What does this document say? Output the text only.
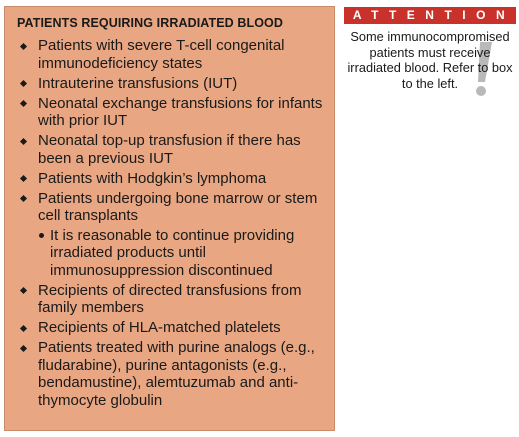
PATIENTS REQUIRING IRRADIATED BLOOD
Patients with severe T-cell congenital immunodeficiency states
Intrauterine transfusions (IUT)
Neonatal exchange transfusions for infants with prior IUT
Neonatal top-up transfusion if there has been a previous IUT
Patients with Hodgkin’s lymphoma
Patients undergoing bone marrow or stem cell transplants
It is reasonable to continue providing irradiated products until immunosuppression discontinued
Recipients of directed transfusions from family members
Recipients of HLA-matched platelets
Patients treated with purine analogs (e.g., fludarabine), purine antagonists (e.g., bendamustine), alemtuzumab and anti-thymocyte globulin
ATTENTION
Some immunocompromised patients must receive irradiated blood. Refer to box to the left.
